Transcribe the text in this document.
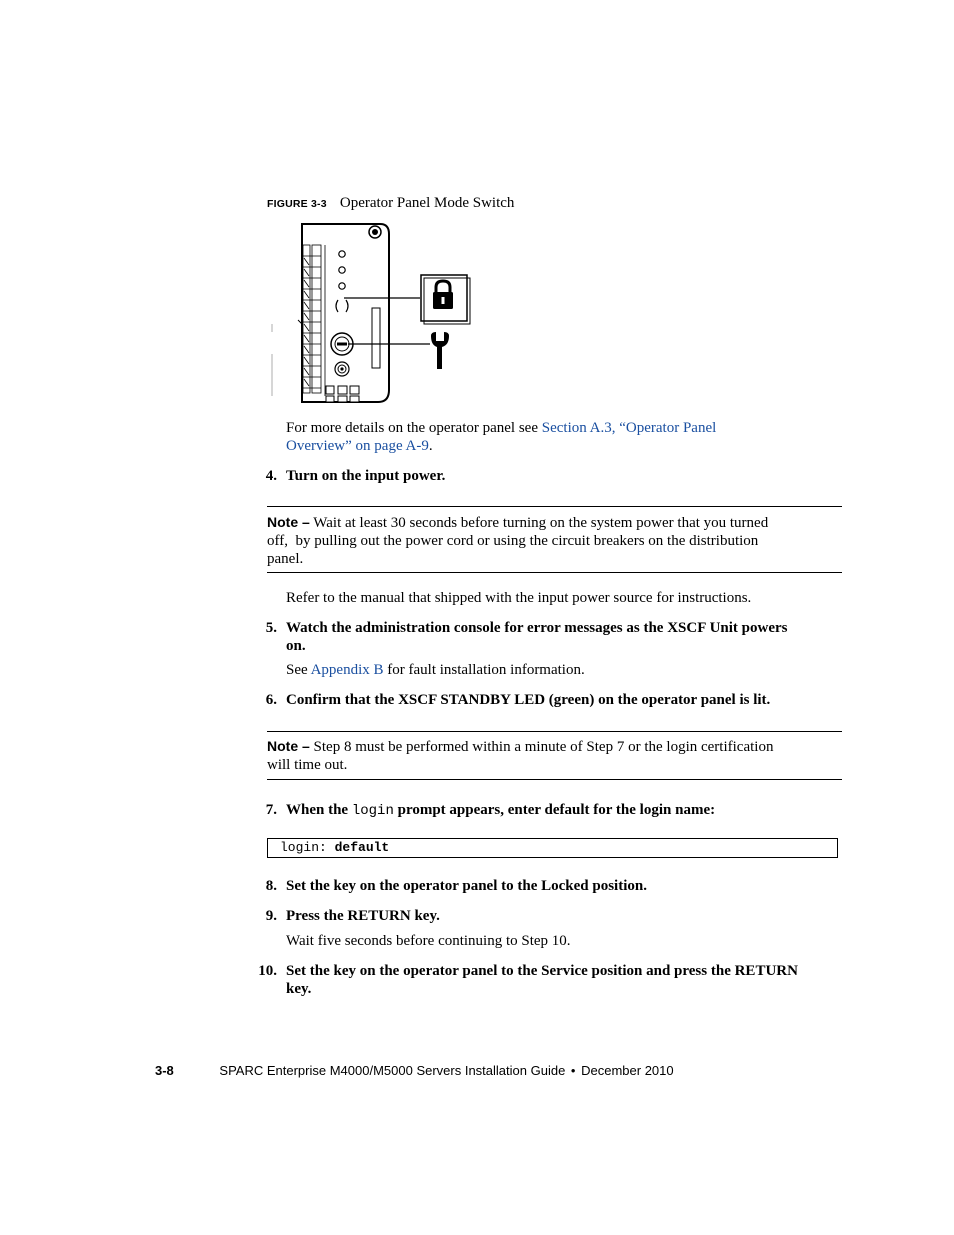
FIGURE 3-3 Operator Panel Mode Switch
For more details on the operator panel see Section A.3, “Operator Panel
Overview” on page A-9.
4. Turn on the input power.
Note – Wait at least 30 seconds before turning on the system power that you turned
off,  by pulling out the power cord or using the circuit breakers on the distribution
panel.
Refer to the manual that shipped with the input power source for instructions.
5. Watch the administration console for error messages as the XSCF Unit powers
on.
See Appendix B for fault installation information.
6. Confirm that the XSCF STANDBY LED (green) on the operator panel is lit.
Note – Step 8 must be performed within a minute of Step 7 or the login certification
will time out.
7. When the login prompt appears, enter default for the login name:
login: default
8. Set the key on the operator panel to the Locked position.
9. Press the RETURN key.
Wait five seconds before continuing to Step 10.
10. Set the key on the operator panel to the Service position and press the RETURN
key.
3-8	SPARC Enterprise M4000/M5000 Servers Installation Guide • December 2010
